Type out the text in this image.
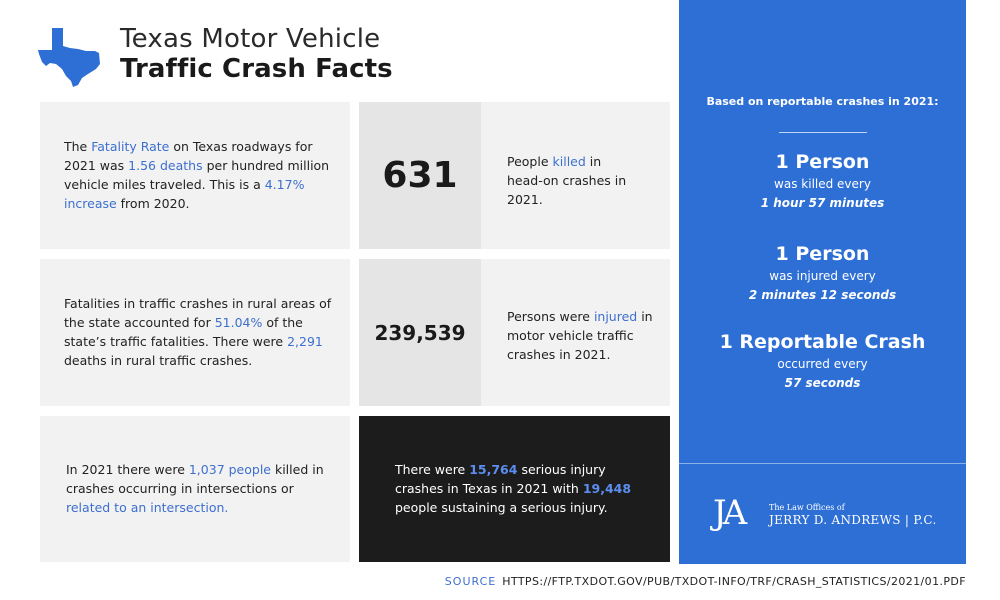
Texas Motor Vehicle
Traffic Crash Facts
The Fatality Rate on Texas roadways for 2021 was 1.56 deaths per hundred million vehicle miles traveled. This is a 4.17% increase from 2020.
631	People killed in head-on crashes in 2021.
Fatalities in traffic crashes in rural areas of the state accounted for 51.04% of the state’s traffic fatalities. There were 2,291 deaths in rural traffic crashes.
239,539
Persons were injured in motor vehicle traffic crashes in 2021.
In 2021 there were 1,037 people killed in crashes occurring in intersections or related to an intersection.
There were 15,764 serious injury crashes in Texas in 2021 with 19,448 people sustaining a serious injury.
Based on reportable crashes in 2021:
1 Person
was killed every
1 hour 57 minutes
1 Person
was injured every
2 minutes 12 seconds
1 Reportable Crash
occurred every
57 seconds
JA	The Law Offices of
JERRY D. ANDREWS | P.C.
SOURCE HTTPS://FTP.TXDOT.GOV/PUB/TXDOT-INFO/TRF/CRASH_STATISTICS/2021/01.PDF
